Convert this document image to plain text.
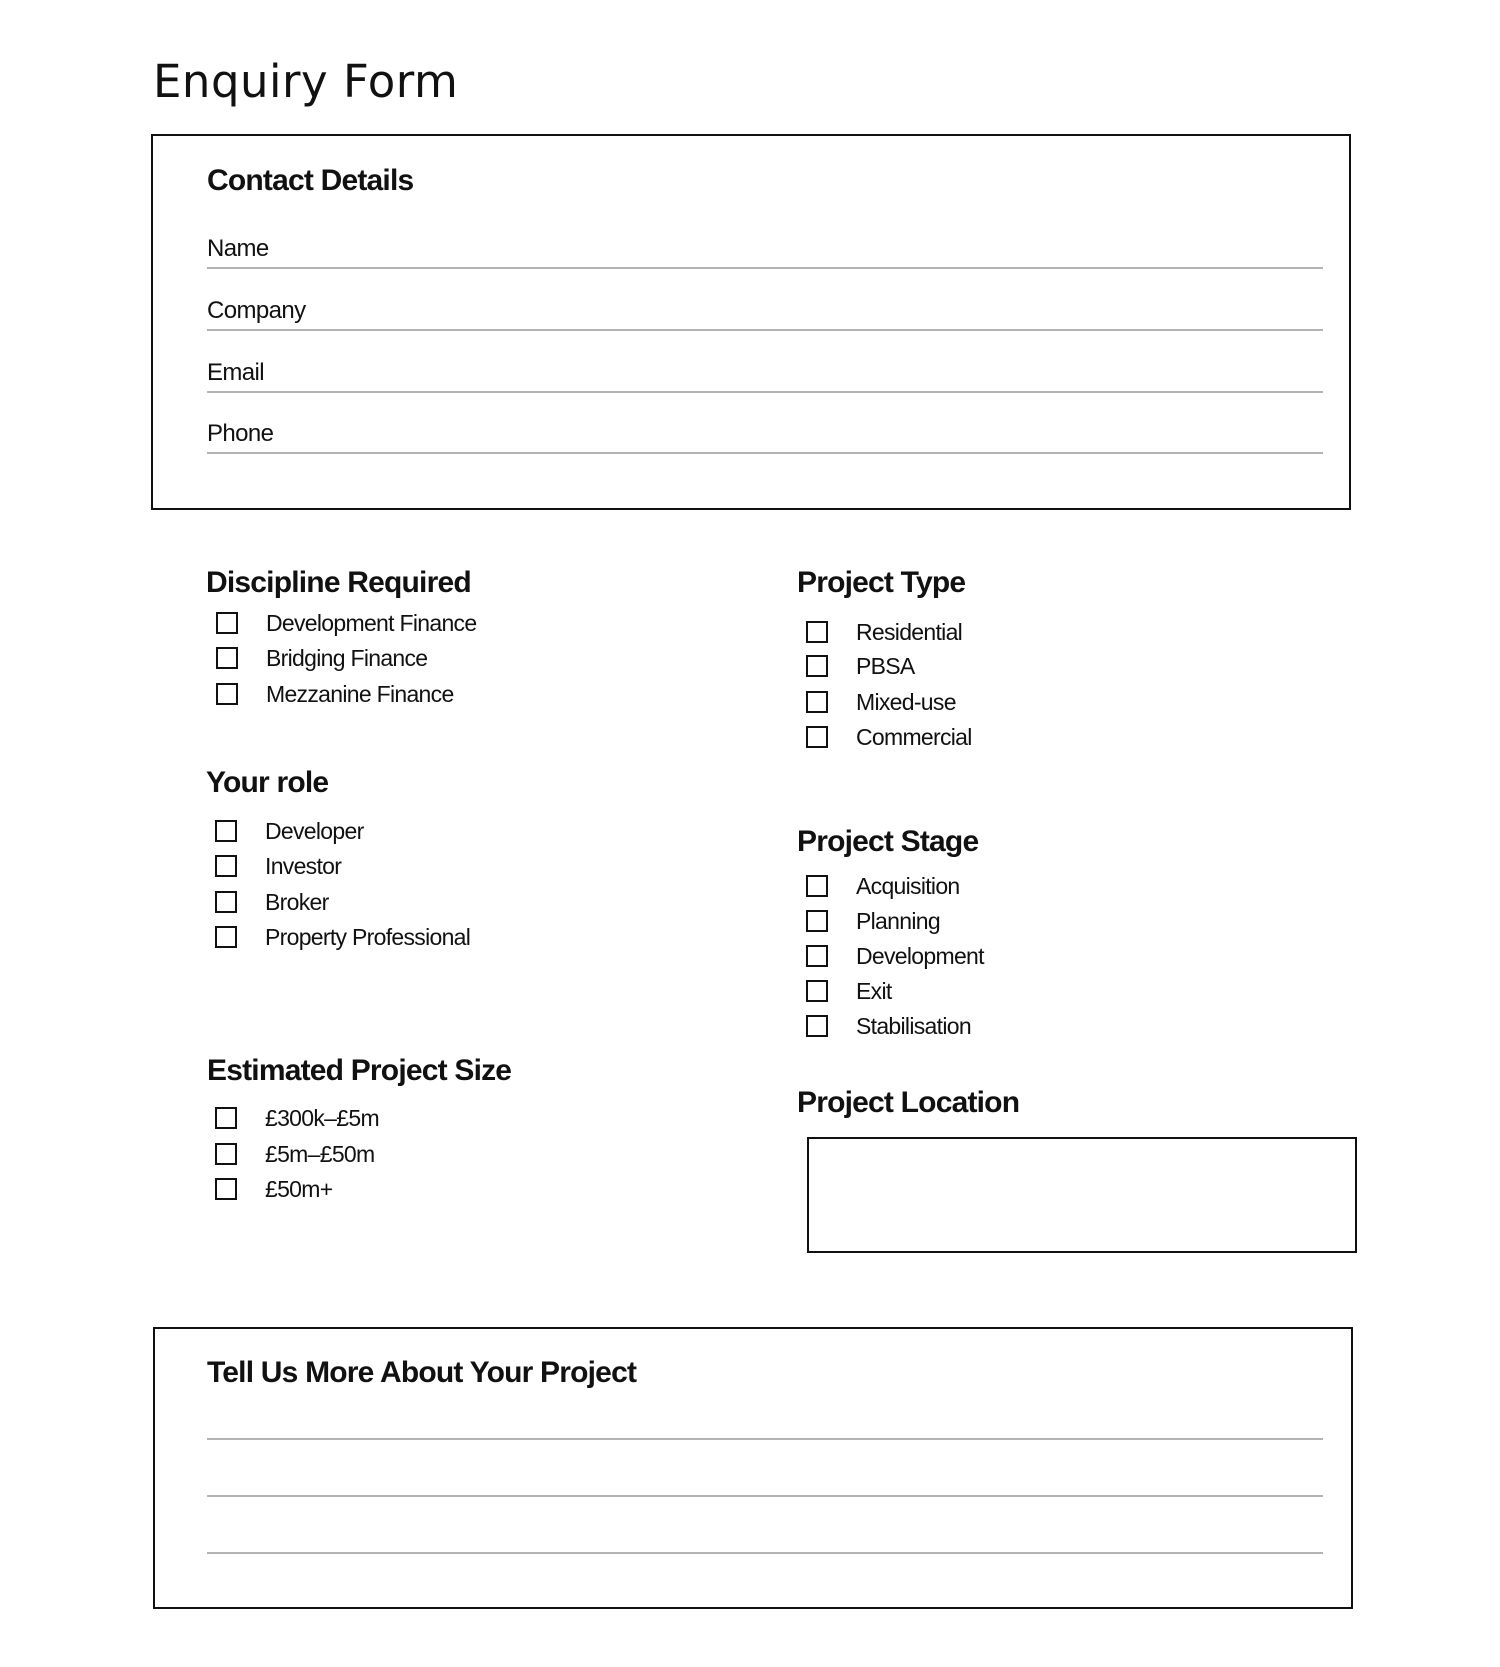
Enquiry Form
Contact Details
Name
Company
Email
Phone
Discipline Required
Development Finance
Bridging Finance
Mezzanine Finance
Your role
Developer
Investor
Broker
Property Professional
Estimated Project Size
£300k–£5m
£5m–£50m
£50m+
Project Type
Residential
PBSA
Mixed-use
Commercial
Project Stage
Acquisition
Planning
Development
Exit
Stabilisation
Project Location
Tell Us More About Your Project
